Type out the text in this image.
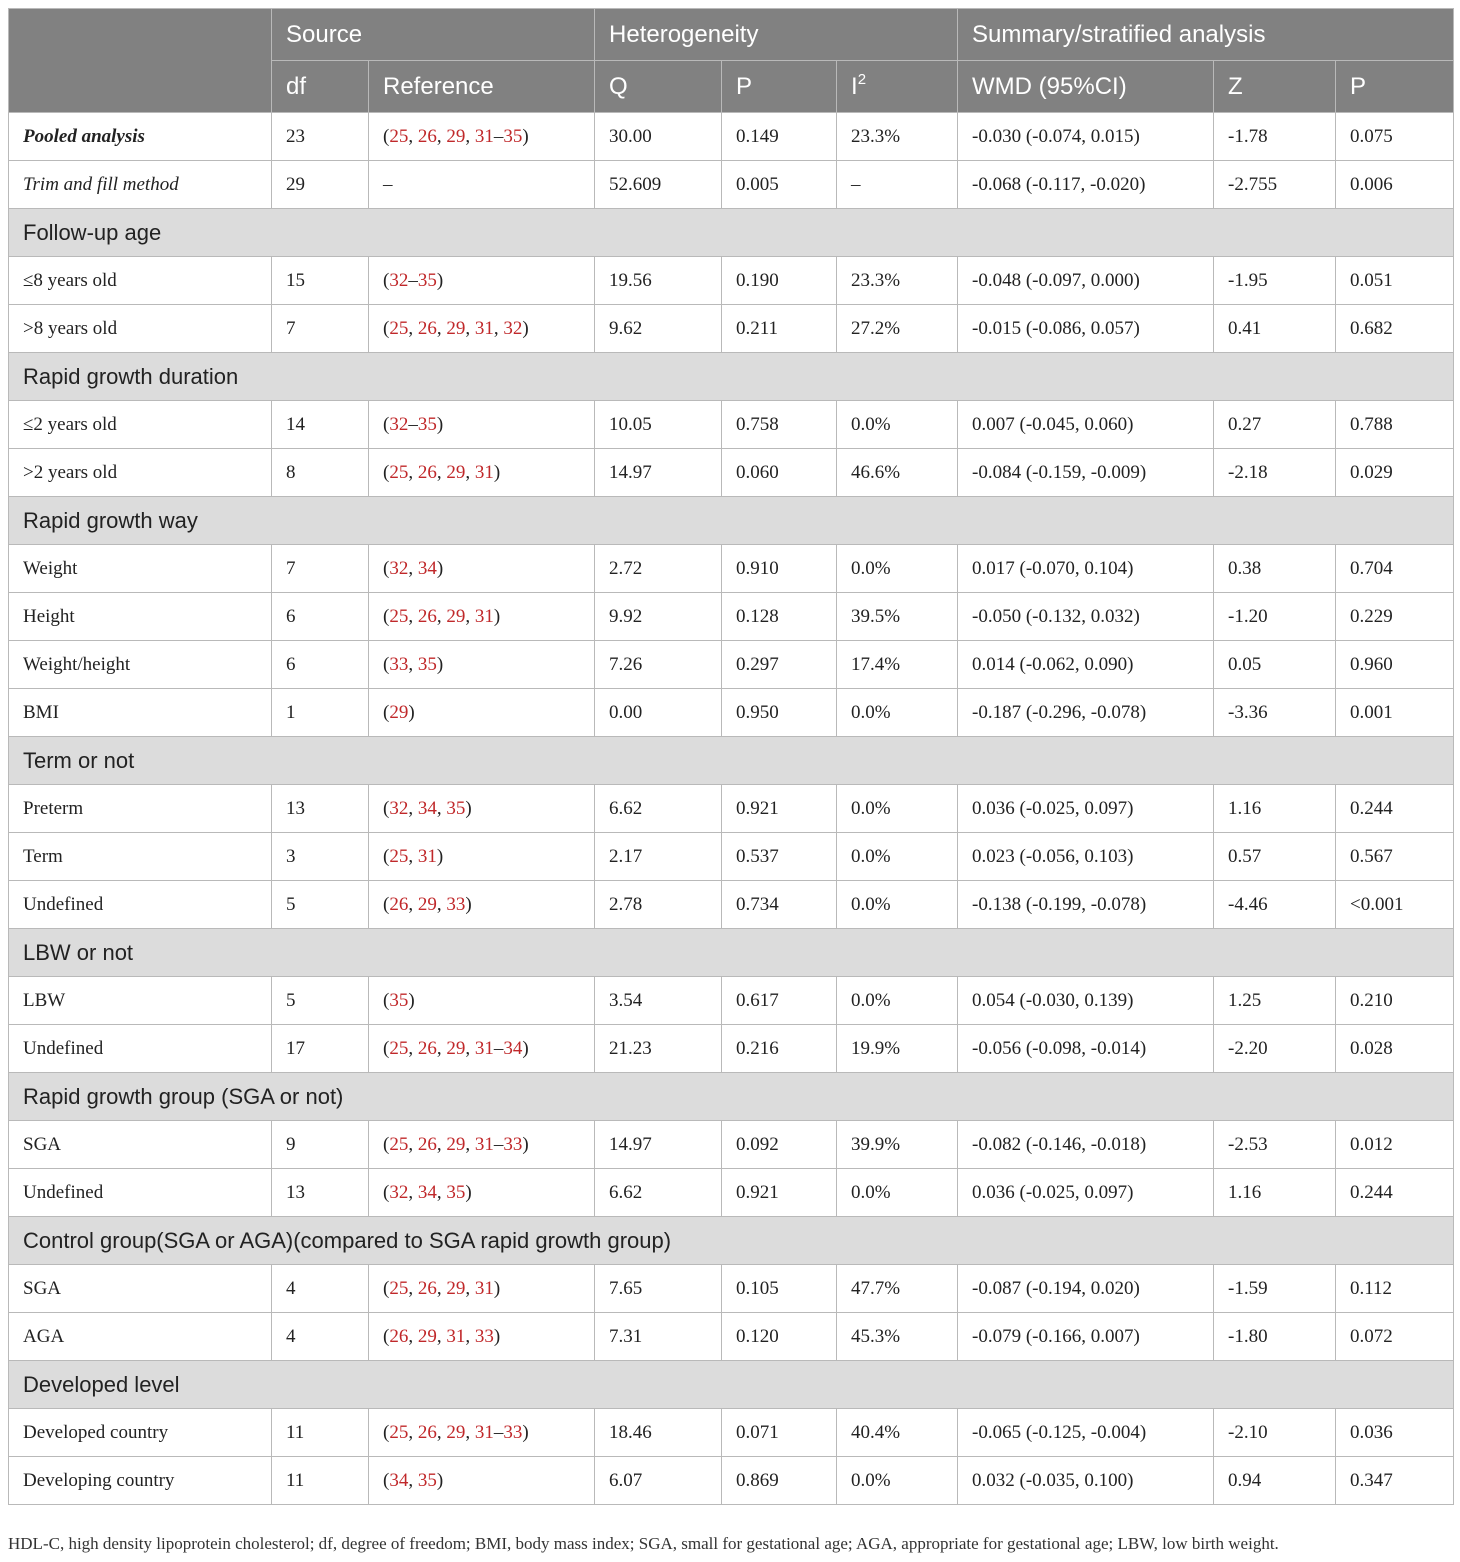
	Source		Heterogeneity			Summary/stratified analysis		
	df	Reference	Q	P	$I^2$	WMD (95%CI)	Z	P
Pooled analysis	23	(25, 26, 29, 31–35)	30.00	0.149	23.3%	-0.030 (-0.074, 0.015)	-1.78	0.075
Trim and fill method	29	–	52.609	0.005	–	-0.068 (-0.117, -0.020)	-2.755	0.006
Follow-up age								
≤8 years old	15	(32–35)	19.56	0.190	23.3%	-0.048 (-0.097, 0.000)	-1.95	0.051
>8 years old	7	(25, 26, 29, 31, 32)	9.62	0.211	27.2%	-0.015 (-0.086, 0.057)	0.41	0.682
Rapid growth duration								
≤2 years old	14	(32–35)	10.05	0.758	0.0%	0.007 (-0.045, 0.060)	0.27	0.788
>2 years old	8	(25, 26, 29, 31)	14.97	0.060	46.6%	-0.084 (-0.159, -0.009)	-2.18	0.029
Rapid growth way								
Weight	7	(32, 34)	2.72	0.910	0.0%	0.017 (-0.070, 0.104)	0.38	0.704
Height	6	(25, 26, 29, 31)	9.92	0.128	39.5%	-0.050 (-0.132, 0.032)	-1.20	0.229
Weight/height	6	(33, 35)	7.26	0.297	17.4%	0.014 (-0.062, 0.090)	0.05	0.960
BMI	1	(29)	0.00	0.950	0.0%	-0.187 (-0.296, -0.078)	-3.36	0.001
Term or not								
Preterm	13	(32, 34, 35)	6.62	0.921	0.0%	0.036 (-0.025, 0.097)	1.16	0.244
Term	3	(25, 31)	2.17	0.537	0.0%	0.023 (-0.056, 0.103)	0.57	0.567
Undefined	5	(26, 29, 33)	2.78	0.734	0.0%	-0.138 (-0.199, -0.078)	-4.46	<0.001
LBW or not								
LBW	5	(35)	3.54	0.617	0.0%	0.054 (-0.030, 0.139)	1.25	0.210
Undefined	17	(25, 26, 29, 31–34)	21.23	0.216	19.9%	-0.056 (-0.098, -0.014)	-2.20	0.028
Rapid growth group (SGA or not)								
SGA	9	(25, 26, 29, 31–33)	14.97	0.092	39.9%	-0.082 (-0.146, -0.018)	-2.53	0.012
Undefined	13	(32, 34, 35)	6.62	0.921	0.0%	0.036 (-0.025, 0.097)	1.16	0.244
Control group(SGA or AGA)(compared to SGA rapid growth group)								
SGA	4	(25, 26, 29, 31)	7.65	0.105	47.7%	-0.087 (-0.194, 0.020)	-1.59	0.112
AGA	4	(26, 29, 31, 33)	7.31	0.120	45.3%	-0.079 (-0.166, 0.007)	-1.80	0.072
Developed level								
Developed country	11	(25, 26, 29, 31–33)	18.46	0.071	40.4%	-0.065 (-0.125, -0.004)	-2.10	0.036
Developing country	11	(34, 35)	6.07	0.869	0.0%	0.032 (-0.035, 0.100)	0.94	0.347
HDL-C, high density lipoprotein cholesterol; df, degree of freedom; BMI, body mass index; SGA, small for gestational age; AGA, appropriate for gestational age; LBW, low birth weight.
